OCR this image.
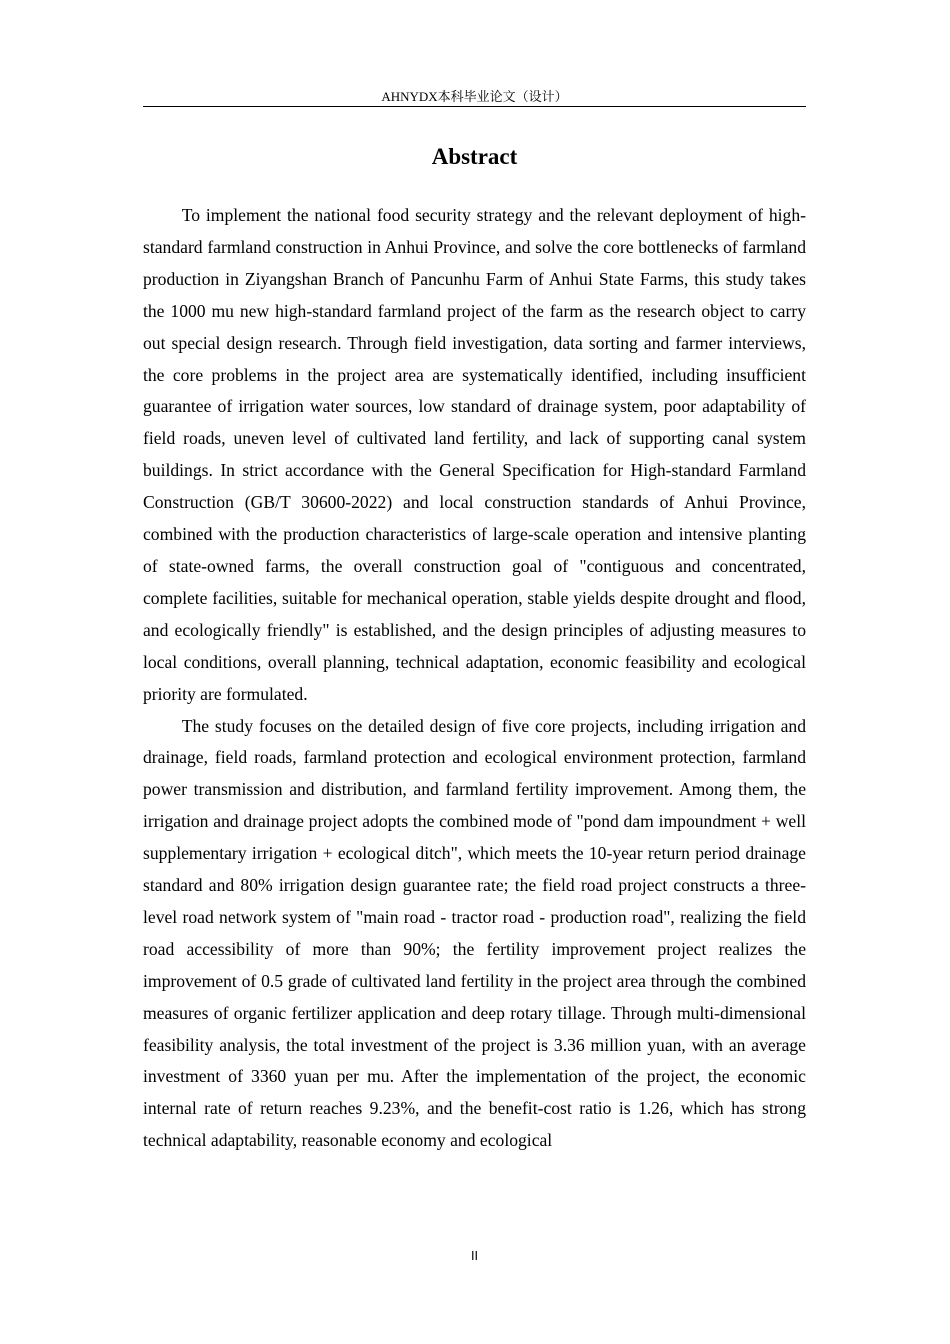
AHNYDX本科毕业论文（设计）
Abstract

To implement the national food security strategy and the relevant deployment of high-standard farmland construction in Anhui Province, and solve the core bottlenecks of farmland production in Ziyangshan Branch of Pancunhu Farm of Anhui State Farms, this study takes the 1000 mu new high-standard farmland project of the farm as the research object to carry out special design research. Through field investigation, data sorting and farmer interviews, the core problems in the project area are systematically identified, including insufficient guarantee of irrigation water sources, low standard of drainage system, poor adaptability of field roads, uneven level of cultivated land fertility, and lack of supporting canal system buildings. In strict accordance with the General Specification for High-standard Farmland Construction (GB/T 30600-2022) and local construction standards of Anhui Province, combined with the production characteristics of large-scale operation and intensive planting of state-owned farms, the overall construction goal of "contiguous and concentrated, complete facilities, suitable for mechanical operation, stable yields despite drought and flood, and ecologically friendly" is established, and the design principles of adjusting measures to local conditions, overall planning, technical adaptation, economic feasibility and ecological priority are formulated.

The study focuses on the detailed design of five core projects, including irrigation and drainage, field roads, farmland protection and ecological environment protection, farmland power transmission and distribution, and farmland fertility improvement. Among them, the irrigation and drainage project adopts the combined mode of "pond dam impoundment + well supplementary irrigation + ecological ditch", which meets the 10-year return period drainage standard and 80% irrigation design guarantee rate; the field road project constructs a three-level road network system of "main road - tractor road - production road", realizing the field road accessibility of more than 90%; the fertility improvement project realizes the improvement of 0.5 grade of cultivated land fertility in the project area through the combined measures of organic fertilizer application and deep rotary tillage. Through multi-dimensional feasibility analysis, the total investment of the project is 3.36 million yuan, with an average investment of 3360 yuan per mu. After the implementation of the project, the economic internal rate of return reaches 9.23%, and the benefit-cost ratio is 1.26, which has strong technical adaptability, reasonable economy and ecological

II
